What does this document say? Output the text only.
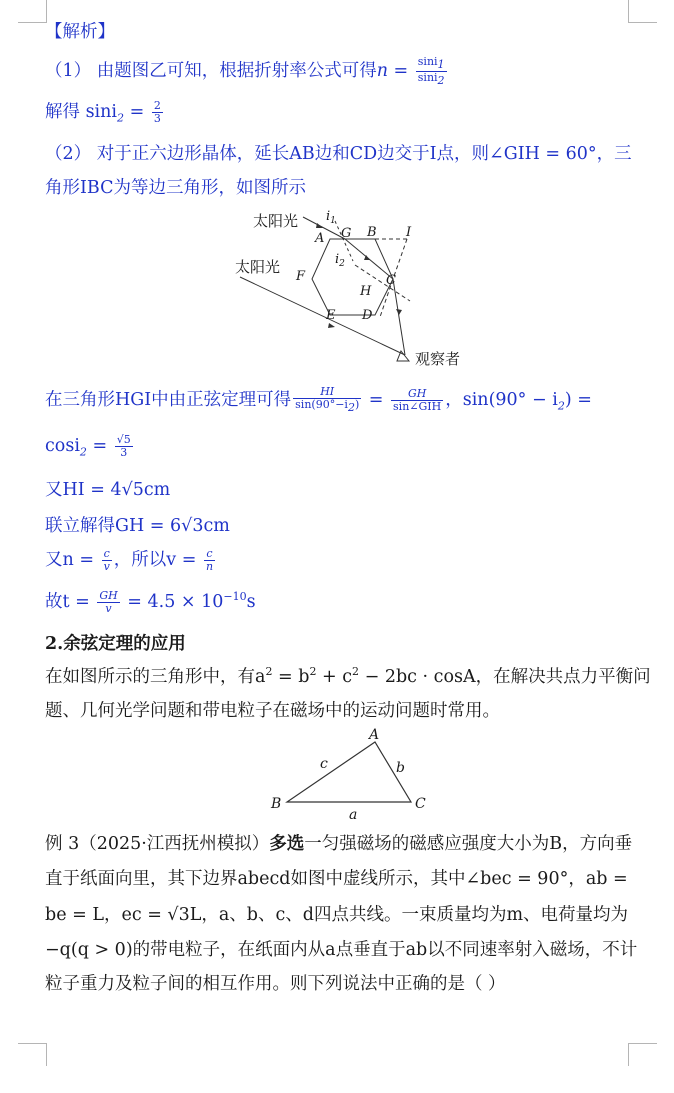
【解析】
（1） 由题图乙可知，根据折射率公式可得$n = \frac{\sin i_1}{\sin i_2}$
解得 $\sin i_2 = \frac{2}{3}$
（2） 对于正六边形晶体，延长AB边和CD边交于I点，则∠GIH = 60°，三
角形IBC为等边三角形，如图所示
太阳光
太阳光
观察者
A G B I
C
H
D
E
F
$i_1$
$i_2$
在三角形HGI中由正弦定理可得 $\frac{HI}{\sin(90^\circ-i_2)} = \frac{GH}{\text{sin∠GIH}}$ ，$\sin(90^\circ - i_2)$ =
$\cos i_2 = \frac{√5}{3}$
又HI = 4√5cm
联立解得GH = 6√3cm
又$n = \frac{c}{v}$ ，所以$v = \frac{c}{n}$
故$t = \frac{GH}{v} = 4.5 \times 10^{-10}s$
2.余弦定理的应用
在如图所示的三角形中，有$a^2 = b^2 + c^2 - 2bc \cdot \cos A$，在解决共点力平衡问
题、几何光学问题和带电粒子在磁场中的运动问题时常用。
A
B	C
a
b
c
例 3（2025·江西抚州模拟）多选一匀强磁场的磁感应强度大小为B，方向垂
直于纸面向里，其下边界abecd如图中虚线所示，其中∠bec = 90°，ab =
be = L，ec = √3L，a、b、c、d四点共线。一束质量均为m、电荷量均为
−q(q > 0)的带电粒子，在纸面内从a点垂直于ab以不同速率射入磁场，不计
粒子重力及粒子间的相互作用。则下列说法中正确的是（ ）
